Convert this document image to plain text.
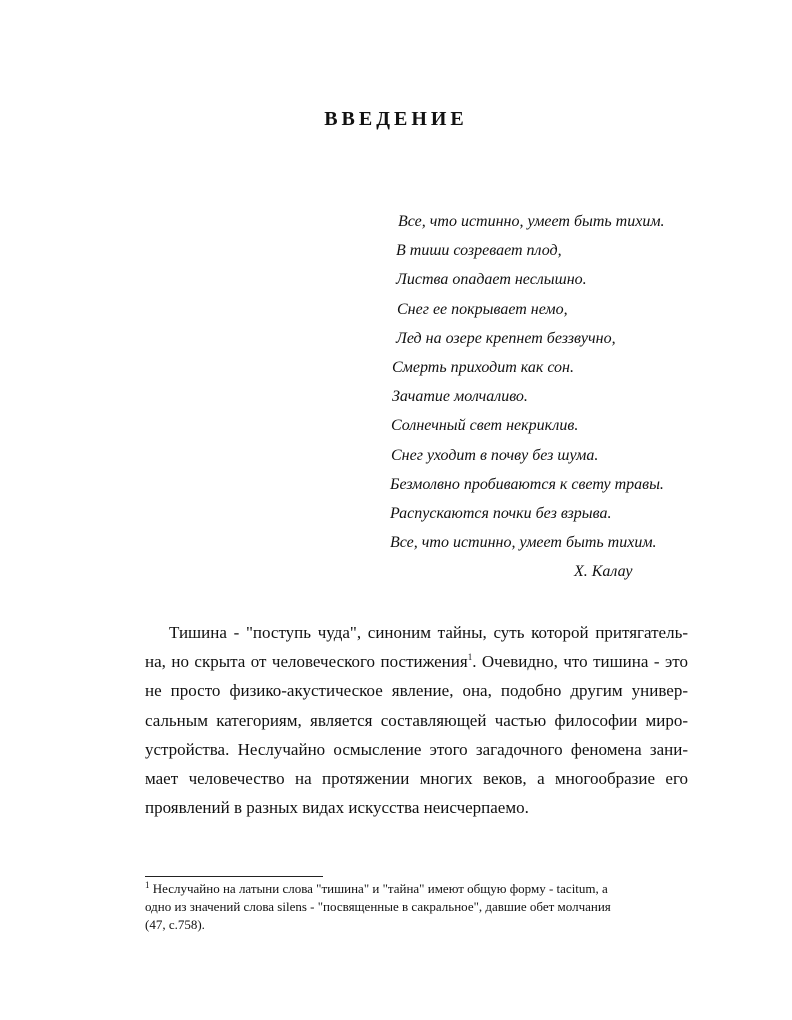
ВВЕДЕНИЕ
Все, что истинно, умеет быть тихим.
В тиши созревает плод,
Листва опадает неслышно.
Снег ее покрывает немо,
Лед на озере крепнет беззвучно,
Смерть приходит как сон.
Зачатие молчаливо.
Солнечный свет некриклив.
Снег уходит в почву без шума.
Безмолвно пробиваются к свету травы.
Распускаются почки без взрыва.
Все, что истинно, умеет быть тихим.
Х. Калау
Тишина - "поступь чуда", синоним тайны, суть которой притягатель-
на, но скрыта от человеческого постижения$^1$. Очевидно, что тишина - это
не просто физико-акустическое явление, она, подобно другим универ-
сальным категориям, является составляющей частью философии миро-
устройства. Неслучайно осмысление этого загадочного феномена зани-
мает человечество на протяжении многих веков, а многообразие его
проявлений в разных видах искусства неисчерпаемо.
$^1$ Неслучайно на латыни слова "тишина" и "тайна" имеют общую форму - tacitum, а
одно из значений слова silens - "посвященные в сакральное", давшие обет молчания
(47, с.758).
